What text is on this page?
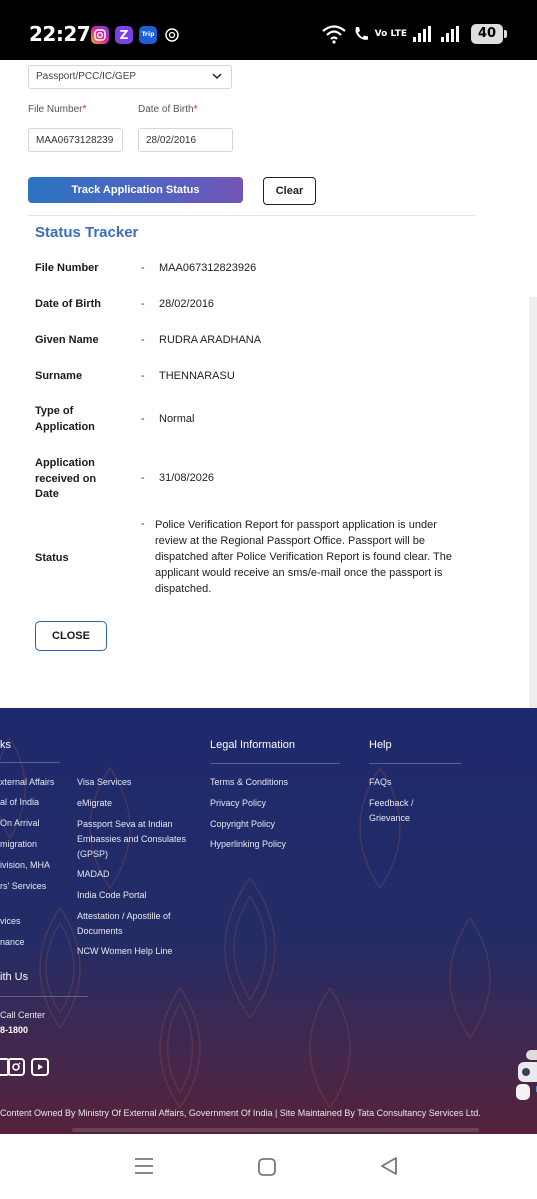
22:27	Z	Trip	Vo LTE	40
Passport/PCC/IC/GEP
File Number*	Date of Birth*
MAA0673128239	28/02/2016
Track Application Status	Clear
Status Tracker
File Number	- MAA067312823926
Date of Birth	- 28/02/2016
Given Name	- RUDRA ARADHANA
Surname	- THENNARASU
Type of Application
- Normal
Application received on Date
- 31/08/2026
Status
- Police Verification Report for passport application is under review at the Regional Passport Office. Passport will be dispatched after Police Verification Report is found clear. The applicant would receive an sms/e-mail once the passport is dispatched.
CLOSE
ks
xternal Affairs
al of India
On Arrival
migration
ivision, MHA
rs' Services
vices
nance
Visa Services
eMigrate
Passport Seva at Indian Embassies and Consulates (GPSP)
MADAD
India Code Portal
Attestation / Apostille of Documents
NCW Women Help Line
Legal Information
Terms & Conditions
Privacy Policy
Copyright Policy
Hyperlinking Policy
Help
FAQs
Feedback / Grievance
ith Us
Call Center
8-1800
Content Owned By Ministry Of External Affairs, Government Of India | Site Maintained By Tata Consultancy Services Ltd.
